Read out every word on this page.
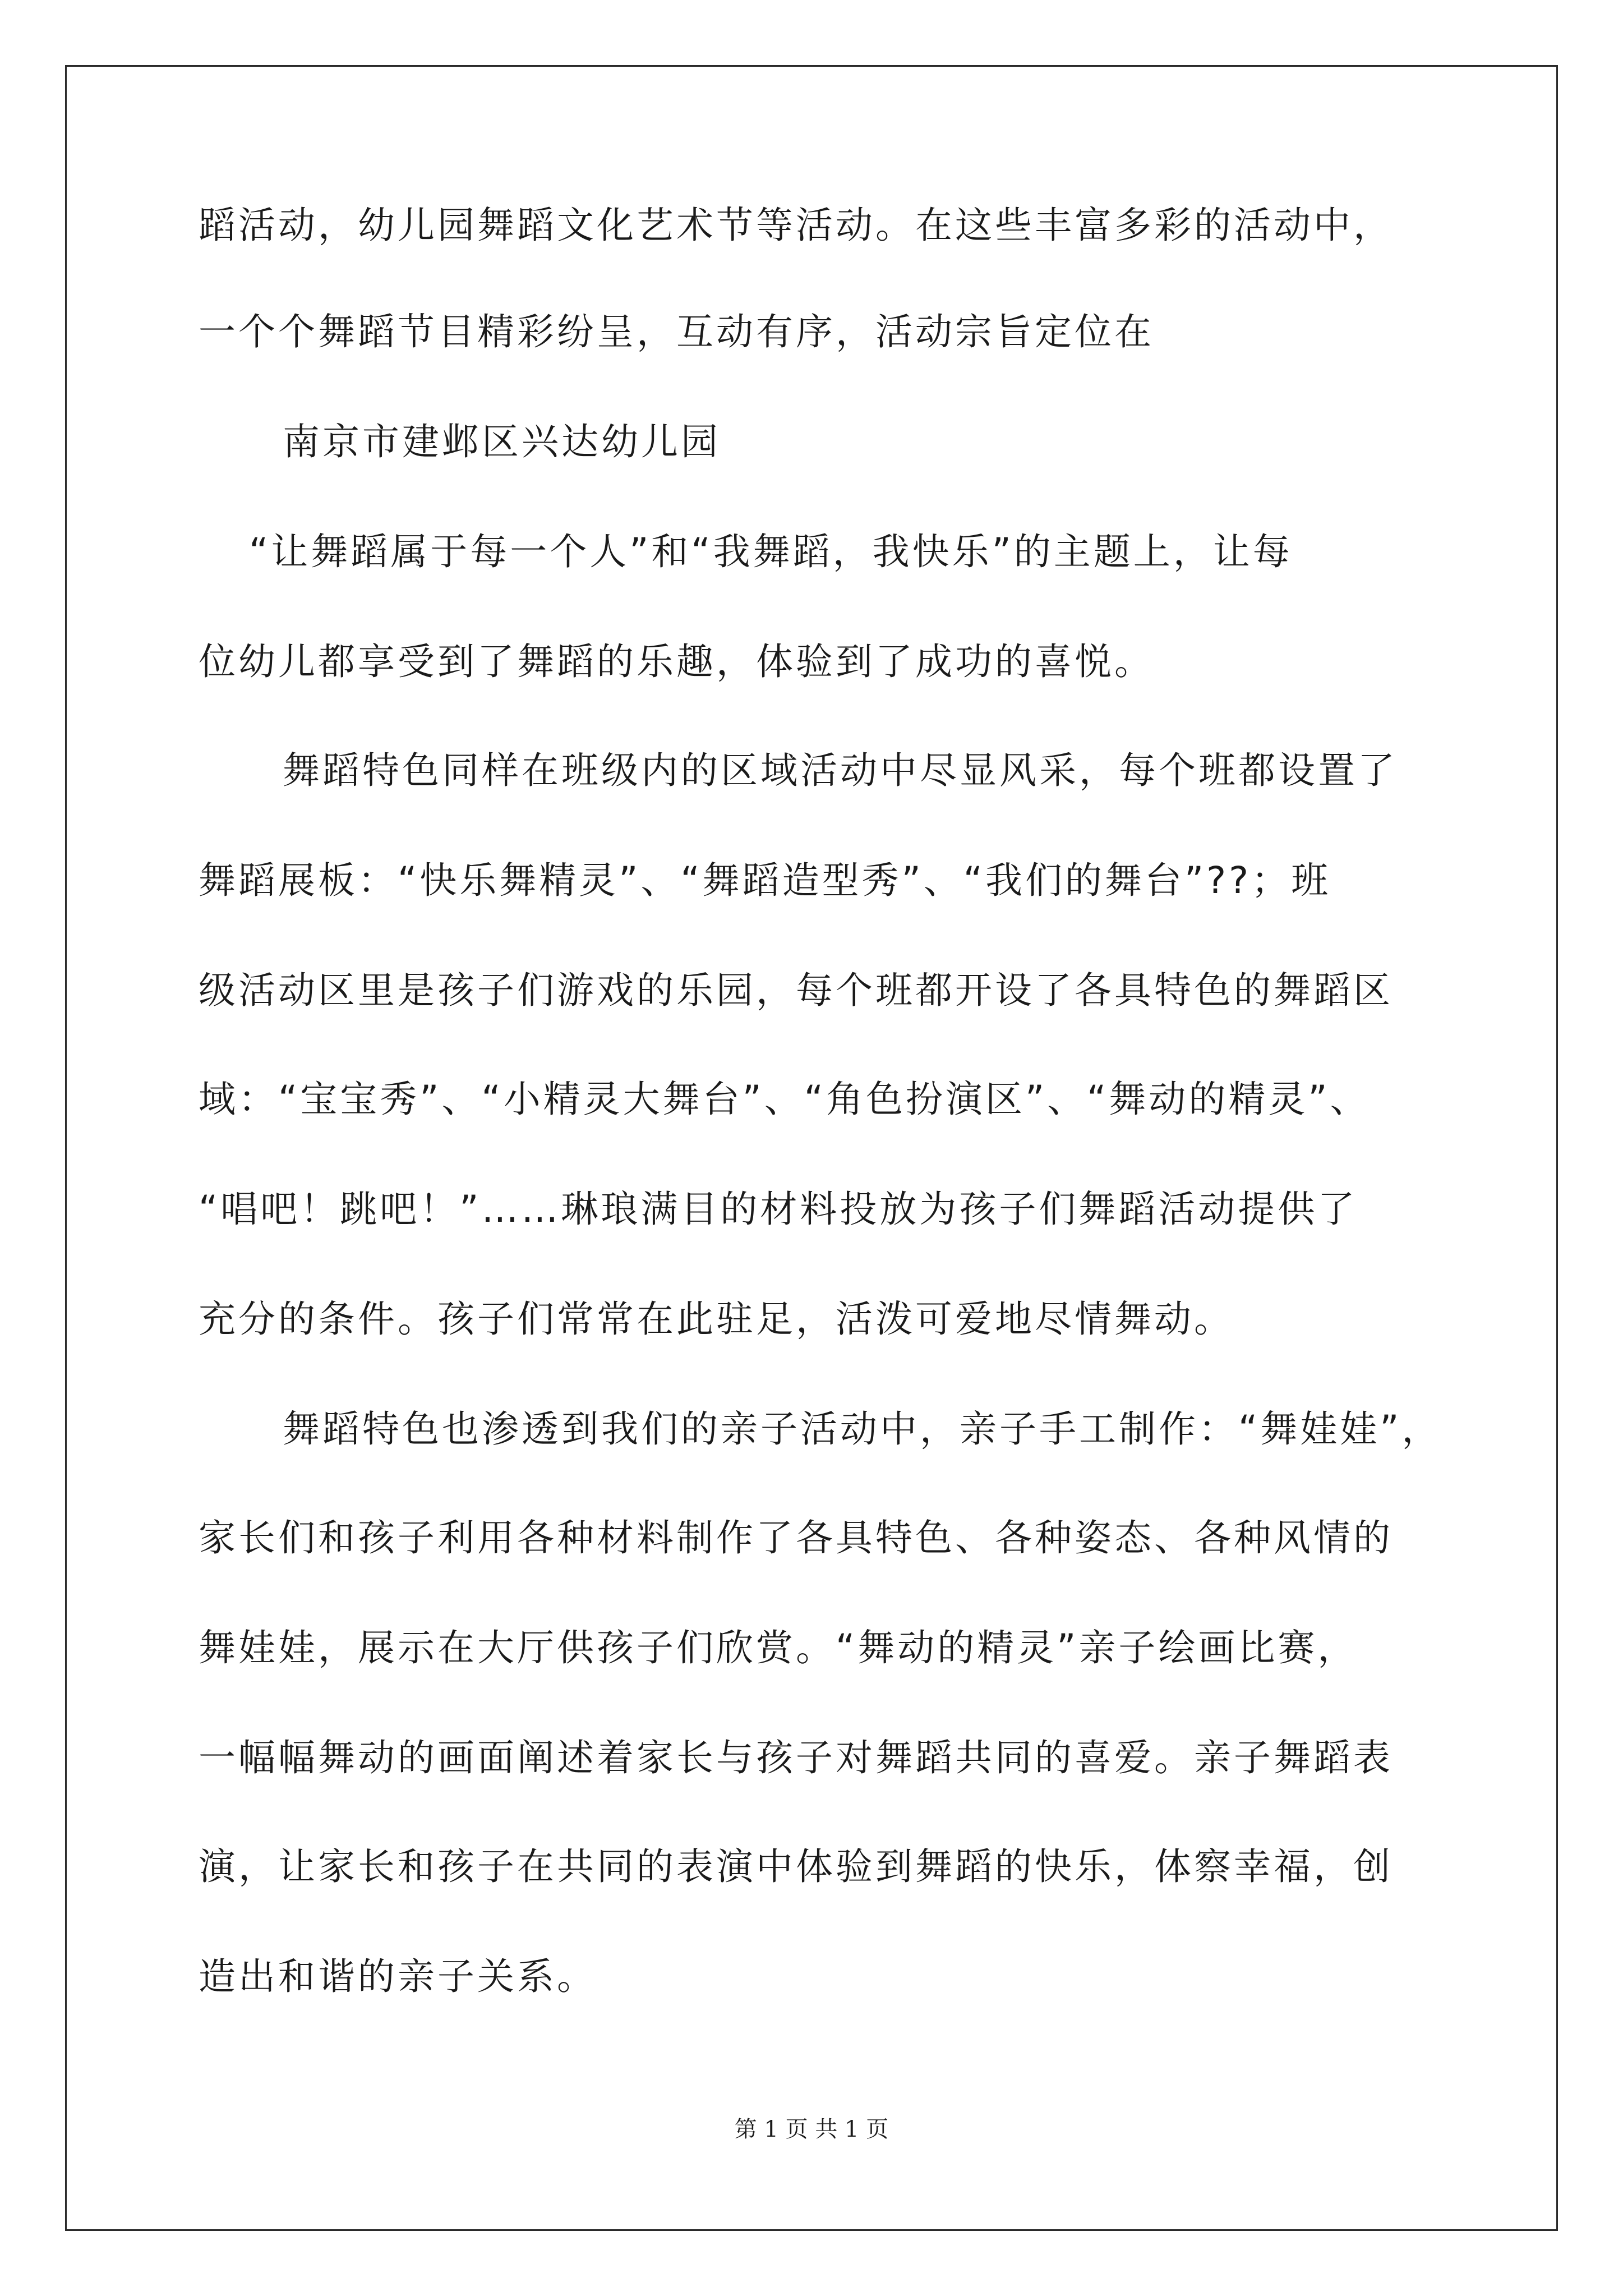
蹈活动，幼儿园舞蹈文化艺术节等活动。在这些丰富多彩的活动中，
一个个舞蹈节目精彩纷呈，互动有序，活动宗旨定位在
南京市建邺区兴达幼儿园
“让舞蹈属于每一个人”和“我舞蹈，我快乐”的主题上，让每
位幼儿都享受到了舞蹈的乐趣，体验到了成功的喜悦。
舞蹈特色同样在班级内的区域活动中尽显风采，每个班都设置了
舞蹈展板：“快乐舞精灵”、“舞蹈造型秀”、“我们的舞台”??；班
级活动区里是孩子们游戏的乐园，每个班都开设了各具特色的舞蹈区
域：“宝宝秀”、“小精灵大舞台”、“角色扮演区”、“舞动的精灵”、
“唱吧！跳吧！”……琳琅满目的材料投放为孩子们舞蹈活动提供了
充分的条件。孩子们常常在此驻足，活泼可爱地尽情舞动。
舞蹈特色也渗透到我们的亲子活动中，亲子手工制作：“舞娃娃”，
家长们和孩子利用各种材料制作了各具特色、各种姿态、各种风情的
舞娃娃，展示在大厅供孩子们欣赏。“舞动的精灵”亲子绘画比赛，
一幅幅舞动的画面阐述着家长与孩子对舞蹈共同的喜爱。亲子舞蹈表
演，让家长和孩子在共同的表演中体验到舞蹈的快乐，体察幸福，创
造出和谐的亲子关系。
第 1 页 共 1 页
